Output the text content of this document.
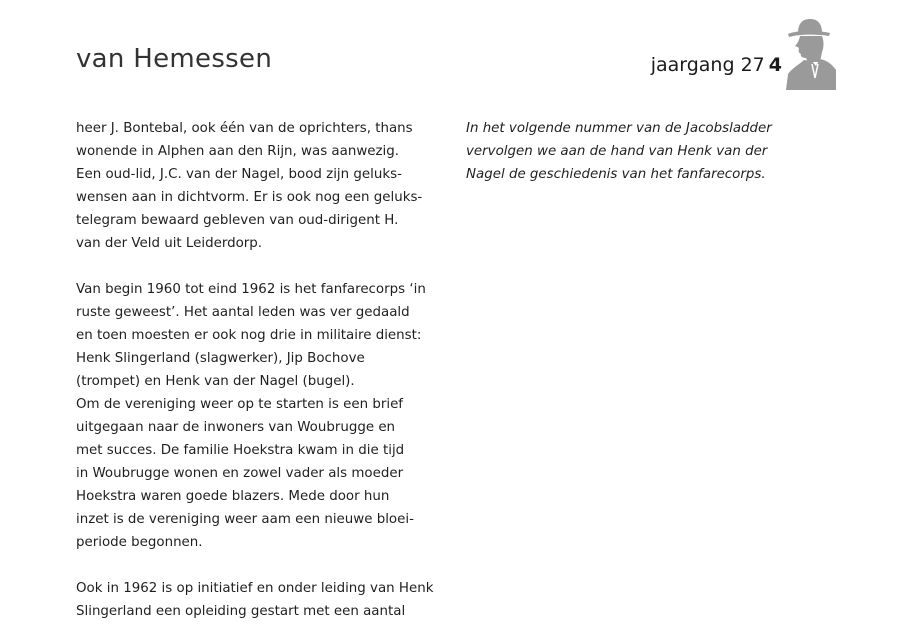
van Hemessen	jaargang 27 4

heer J. Bontebal, ook één van de oprichters, thans
wonende in Alphen aan den Rijn, was aanwezig.
Een oud-lid, J.C. van der Nagel, bood zijn geluks-
wensen aan in dichtvorm. Er is ook nog een geluks-
telegram bewaard gebleven van oud-dirigent H.
van der Veld uit Leiderdorp.

Van begin 1960 tot eind 1962 is het fanfarecorps ‘in
ruste geweest’. Het aantal leden was ver gedaald
en toen moesten er ook nog drie in militaire dienst:
Henk Slingerland (slagwerker), Jip Bochove
(trompet) en Henk van der Nagel (bugel).

Om de vereniging weer op te starten is een brief
uitgegaan naar de inwoners van Woubrugge en
met succes. De familie Hoekstra kwam in die tijd
in Woubrugge wonen en zowel vader als moeder
Hoekstra waren goede blazers. Mede door hun
inzet is de vereniging weer aam een nieuwe bloei-
periode begonnen.

Ook in 1962 is op initiatief en onder leiding van Henk
Slingerland een opleiding gestart met een aantal

In het volgende nummer van de Jacobsladder
vervolgen we aan de hand van Henk van der
Nagel de geschiedenis van het fanfarecorps.
